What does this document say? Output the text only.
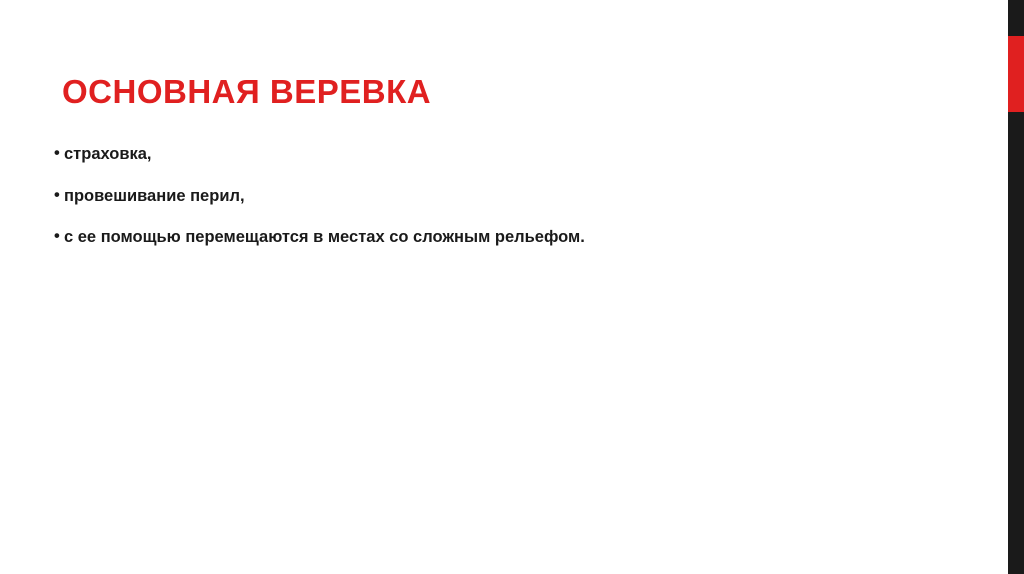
ОСНОВНАЯ ВЕРЕВКА
• страховка,
• провешивание перил,
• с ее помощью перемещаются в местах со сложным рельефом.
